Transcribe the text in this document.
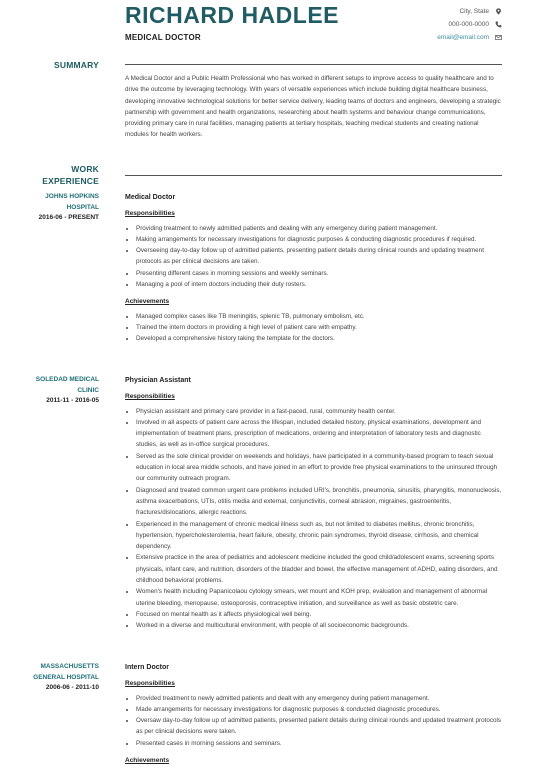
RICHARD HADLEE
MEDICAL DOCTOR
City, State
000-000-0000
email@email.com
SUMMARY
A Medical Doctor and a Public Health Professional who has worked in different setups to improve access to quality healthcare and to drive the outcome by leveraging technology. With years of versatile experiences which include building digital healthcare business, developing innovative technological solutions for better service delivery, leading teams of doctors and engineers, developing a strategic partnership with government and health organizations, researching about health systems and behaviour change communications, providing primary care in rural facilities, managing patients at tertiary hospitals, teaching medical students and creating national modules for health workers.
WORK
EXPERIENCE
JOHNS HOPKINS
HOSPITAL
2016-06 - PRESENT
Medical Doctor
Responsibilities
• Providing treatment to newly admitted patients and dealing with any emergency during patient management.
• Making arrangements for necessary investigations for diagnostic purposes & conducting diagnostic procedures if required.
• Overseeing day-to-day follow up of admitted patients, presenting patient details during clinical rounds and updating treatment protocols as per clinical decisions are taken.
• Presenting different cases in morning sessions and weekly seminars.
• Managing a pool of intern doctors including their duty rosters.
Achievements
• Managed complex cases like TB meningitis, splenic TB, pulmonary embolism, etc.
• Trained the intern doctors in providing a high level of patient care with empathy.
• Developed a comprehensive history taking the template for the doctors.
SOLEDAD MEDICAL
CLINIC
2011-11 - 2016-05
Physician Assistant
Responsibilities
• Physician assistant and primary care provider in a fast-paced, rural, community health center.
• Involved in all aspects of patient care across the lifespan, included detailed history, physical examinations, development and implementation of treatment plans, prescription of medications, ordering and interpretation of laboratory tests and diagnostic studies, as well as in-office surgical procedures.
• Served as the sole clinical provider on weekends and holidays, have participated in a community-based program to teach sexual education in local area middle schools, and have joined in an effort to provide free physical examinations to the uninsured through our community outreach program.
• Diagnosed and treated common urgent care problems included URI's, bronchitis, pneumonia, sinusitis, pharyngitis, mononucleosis, asthma exacerbations, UTIs, otitis media and external, conjunctivitis, corneal abrasion, migraines, gastroenteritis, fractures/dislocations, allergic reactions.
• Experienced in the management of chronic medical illness such as, but not limited to diabetes mellitus, chronic bronchitis, hypertension, hypercholesterolemia, heart failure, obesity, chronic pain syndromes, thyroid disease, cirrhosis, and chemical dependency.
• Extensive practice in the area of pediatrics and adolescent medicine included the good child/adolescent exams, screening sports physicals, infant care, and nutrition, disorders of the bladder and bowel, the effective management of ADHD, eating disorders, and childhood behavioral problems.
• Women's health including Papanicolaou cytology smears, wet mount and KOH prep, evaluation and management of abnormal uterine bleeding, menopause, osteoporosis, contraceptive initiation, and surveillance as well as basic obstetric care.
• Focused on mental health as it affects physiological well being.
• Worked in a diverse and multicultural environment, with people of all socioeconomic backgrounds.
MASSACHUSETTS
GENERAL HOSPITAL
2006-06 - 2011-10
Intern Doctor
Responsibilities
• Provided treatment to newly admitted patients and dealt with any emergency during patient management.
• Made arrangements for necessary investigations for diagnostic purposes & conducted diagnostic procedures.
• Oversaw day-to-day follow up of admitted patients, presented patient details during clinical rounds and updated treatment protocols as per clinical decisions were taken.
• Presented cases in morning sessions and seminars.
Achievements
